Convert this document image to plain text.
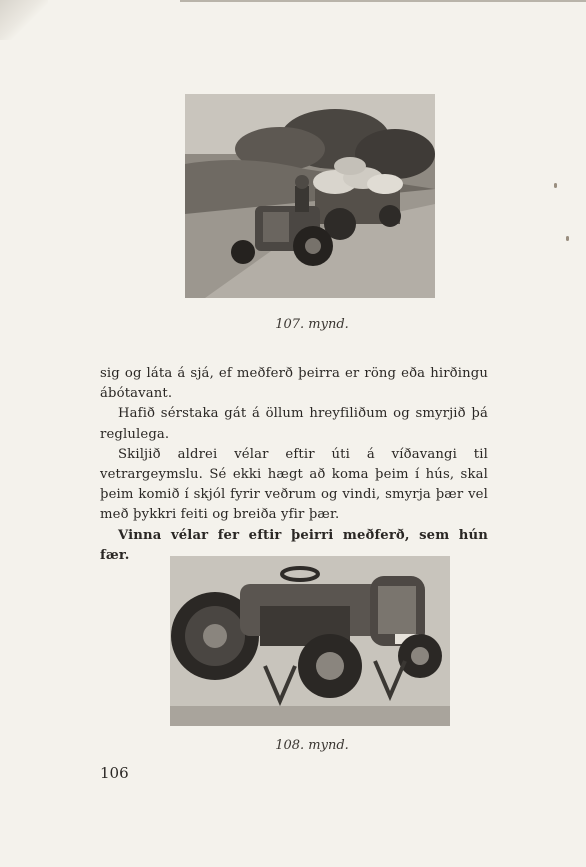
107. mynd.

sig og láta á sjá, ef meðferð þeirra er röng eða hirðingu ábótavant.

Hafið sérstaka gát á öllum hreyfiliðum og smyrjið þá reglulega.

Skiljið aldrei vélar eftir úti á víðavangi til vetrargeymslu. Sé ekki hægt að koma þeim í hús, skal þeim komið í skjól fyrir veðrum og vindi, smyrja þær vel með þykkri feiti og breiða yfir þær.

Vinna vélar fer eftir þeirri meðferð, sem hún fær.

108. mynd.
106
